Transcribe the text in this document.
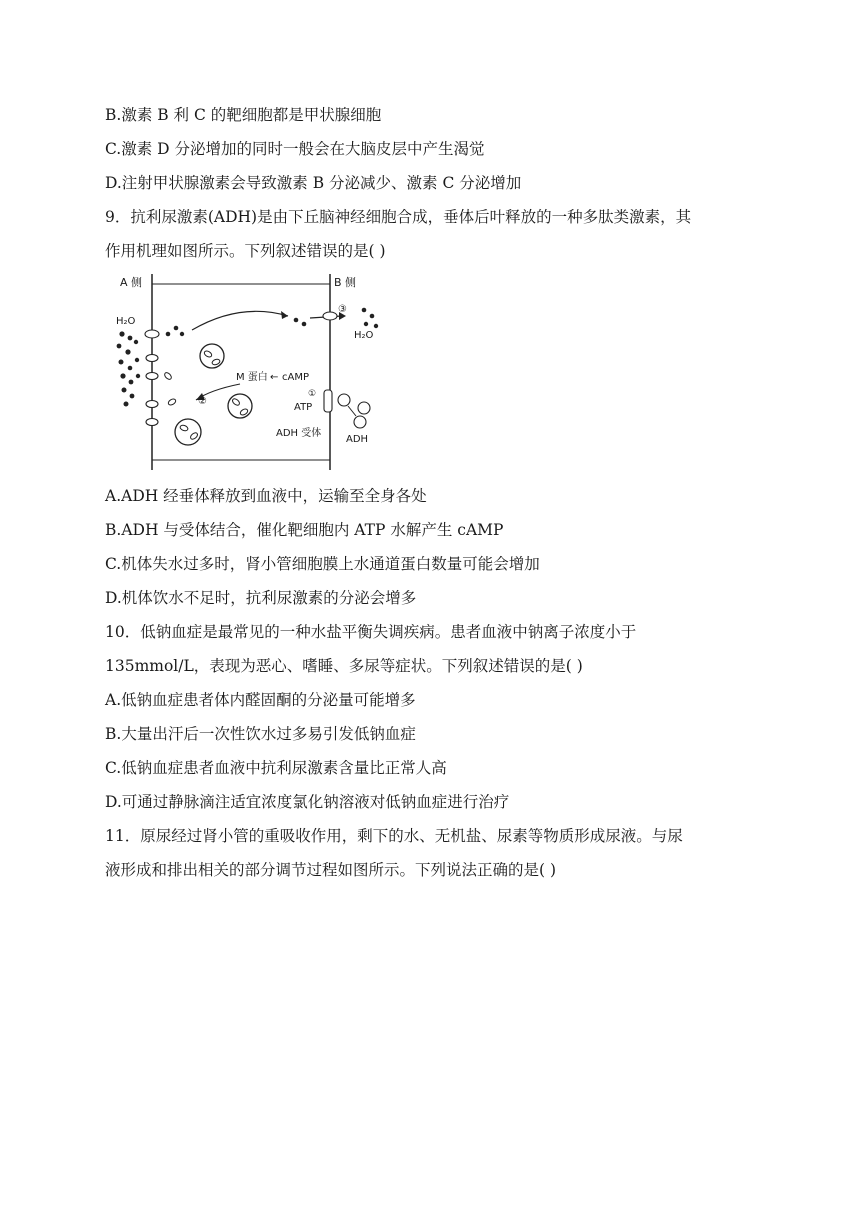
B.激素 B 利 C 的靶细胞都是甲状腺细胞
C.激素 D 分泌增加的同时一般会在大脑皮层中产生渴觉
D.注射甲状腺激素会导致激素 B 分泌减少、激素 C 分泌增加
9．抗利尿激素(ADH)是由下丘脑神经细胞合成，垂体后叶释放的一种多肽类激素，其
作用机理如图所示。下列叙述错误的是( )
A 侧	B 侧
H₂O
H₂O
③
M 蛋白 ← cAMP
②
ATP
①
ADH 受体
ADH
A.ADH 经垂体释放到血液中，运输至全身各处
B.ADH 与受体结合，催化靶细胞内 ATP 水解产生 cAMP
C.机体失水过多时，肾小管细胞膜上水通道蛋白数量可能会增加
D.机体饮水不足时，抗利尿激素的分泌会增多
10．低钠血症是最常见的一种水盐平衡失调疾病。患者血液中钠离子浓度小于
135mmol/L，表现为恶心、嗜睡、多尿等症状。下列叙述错误的是( )
A.低钠血症患者体内醛固酮的分泌量可能增多
B.大量出汗后一次性饮水过多易引发低钠血症
C.低钠血症患者血液中抗利尿激素含量比正常人高
D.可通过静脉滴注适宜浓度氯化钠溶液对低钠血症进行治疗
11．原尿经过肾小管的重吸收作用，剩下的水、无机盐、尿素等物质形成尿液。与尿
液形成和排出相关的部分调节过程如图所示。下列说法正确的是( )
